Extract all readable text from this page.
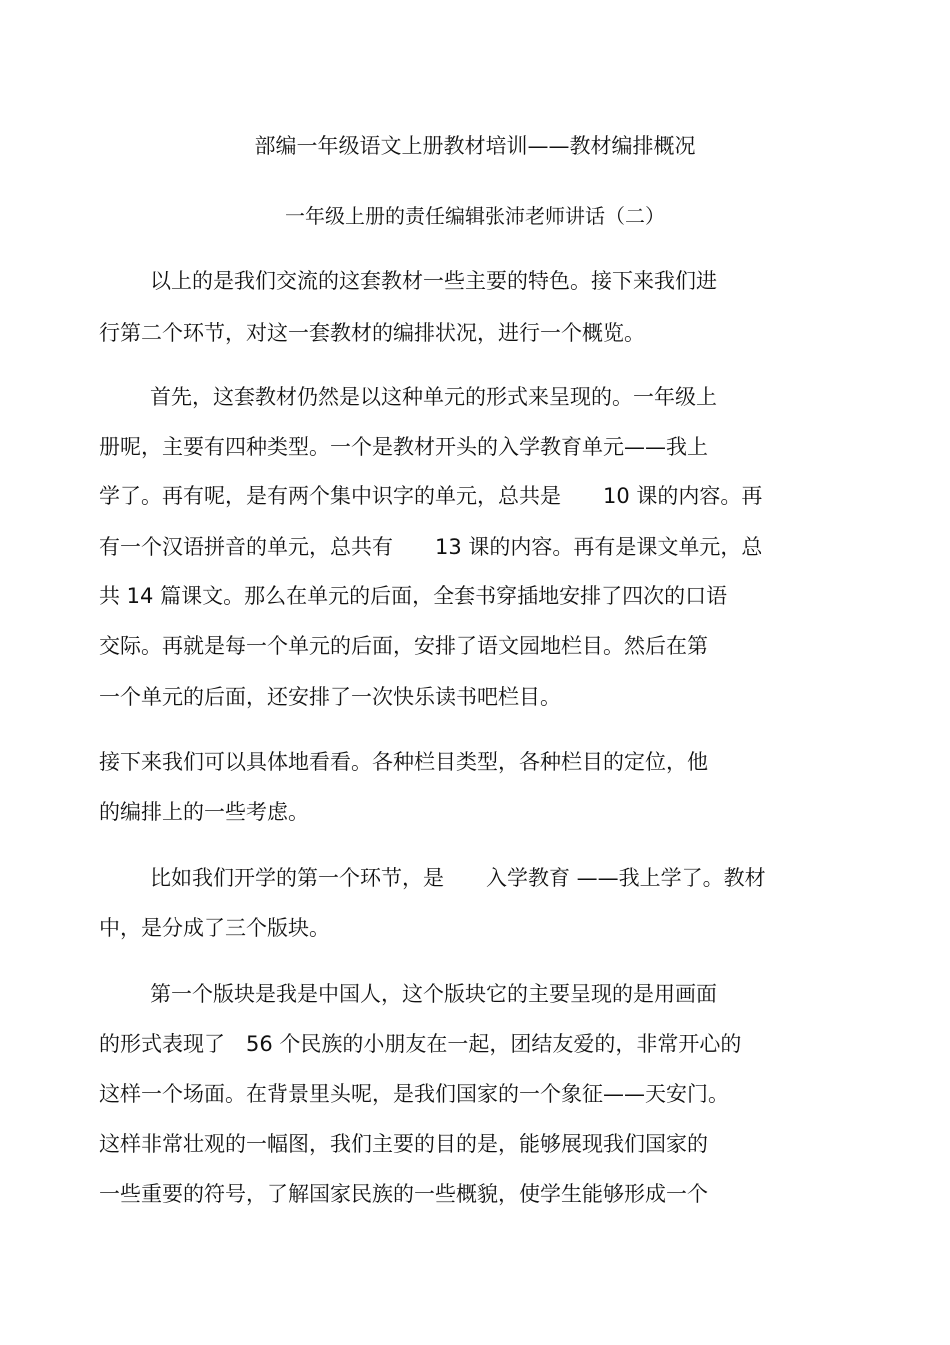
部编一年级语文上册教材培训——教材编排概况
一年级上册的责任编辑张沛老师讲话（二）
以上的是我们交流的这套教材一些主要的特色。接下来我们进
行第二个环节，对这一套教材的编排状况，进行一个概览。
首先，这套教材仍然是以这种单元的形式来呈现的。一年级上
册呢，主要有四种类型。一个是教材开头的入学教育单元——我上
学了。再有呢，是有两个集中识字的单元，总共是　　10 课的内容。再
有一个汉语拼音的单元，总共有　　13 课的内容。再有是课文单元，总
共 14 篇课文。那么在单元的后面，全套书穿插地安排了四次的口语
交际。再就是每一个单元的后面，安排了语文园地栏目。然后在第
一个单元的后面，还安排了一次快乐读书吧栏目。
接下来我们可以具体地看看。各种栏目类型，各种栏目的定位，他
的编排上的一些考虑。
比如我们开学的第一个环节，是　　入学教育 ——我上学了。教材
中，是分成了三个版块。
第一个版块是我是中国人，这个版块它的主要呈现的是用画面
的形式表现了　56 个民族的小朋友在一起，团结友爱的，非常开心的
这样一个场面。在背景里头呢，是我们国家的一个象征——天安门。
这样非常壮观的一幅图，我们主要的目的是，能够展现我们国家的
一些重要的符号，了解国家民族的一些概貌，使学生能够形成一个
